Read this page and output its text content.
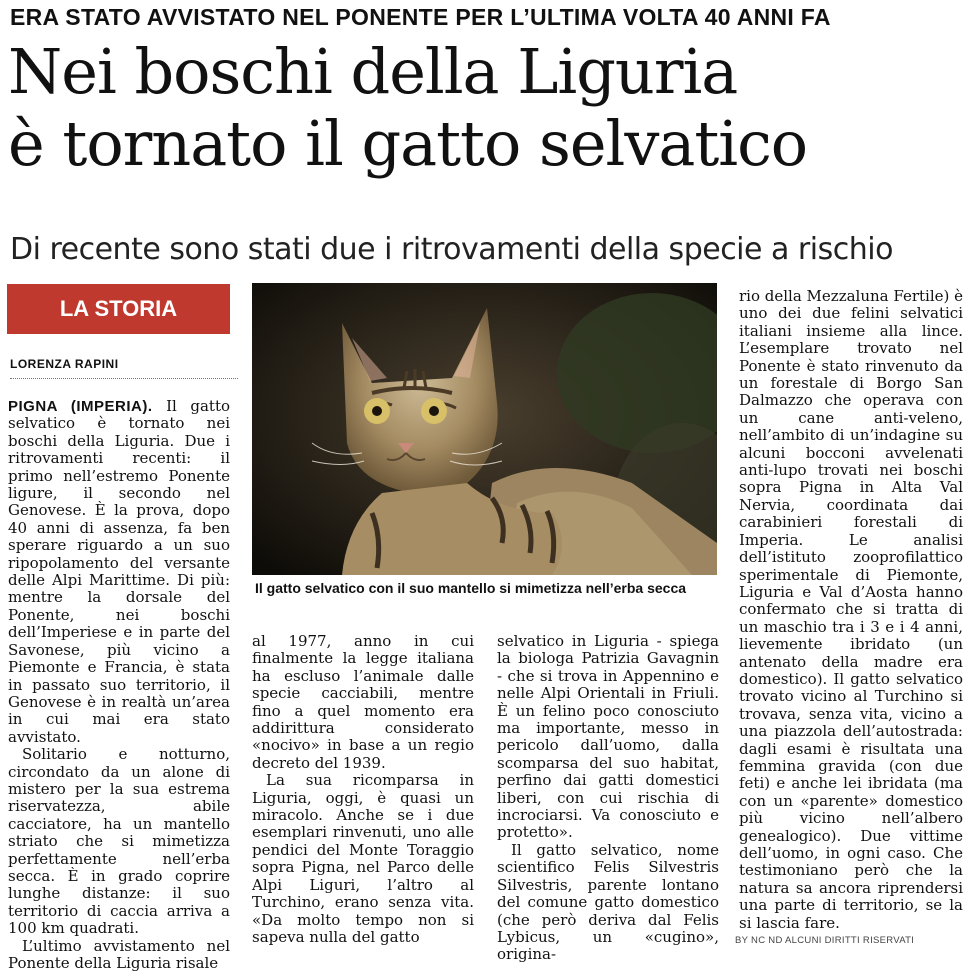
ERA STATO AVVISTATO NEL PONENTE PER L’ULTIMA VOLTA 40 ANNI FA
Nei boschi della Liguria
è tornato il gatto selvatico
Di recente sono stati due i ritrovamenti della specie a rischio
LA STORIA
LORENZA RAPINI

PIGNA (IMPERIA). Il gatto selvatico è tornato nei boschi della Liguria. Due i ritrovamenti recenti: il primo nell’estremo Ponente ligure, il secondo nel Genovese. È la prova, dopo 40 anni di assenza, fa ben sperare riguardo a un suo ripopolamento del versante delle Alpi Marittime. Di più: mentre la dorsale del Ponente, nei boschi dell’Imperiese e in parte del Savonese, più vicino a Piemonte e Francia, è stata in passato suo territorio, il Genovese è in realtà un’area in cui mai era stato avvistato.

Solitario e notturno, circondato da un alone di mistero per la sua estrema riservatezza, abile cacciatore, ha un mantello striato che si mimetizza perfettamente nell’erba secca. È in grado coprire lunghe distanze: il suo territorio di caccia arriva a 100 km quadrati.

L’ultimo avvistamento nel Ponente della Liguria risale

Il gatto selvatico con il suo mantello si mimetizza nell’erba secca

al 1977, anno in cui finalmente la legge italiana ha escluso l’animale dalle specie cacciabili, mentre fino a quel momento era addirittura considerato «nocivo» in base a un regio decreto del 1939.

La sua ricomparsa in Liguria, oggi, è quasi un miracolo. Anche se i due esemplari rinvenuti, uno alle pendici del Monte Toraggio sopra Pigna, nel Parco delle Alpi Liguri, l’altro al Turchino, erano senza vita. «Da molto tempo non si sapeva nulla del gatto

selvatico in Liguria - spiega la biologa Patrizia Gavagnin - che si trova in Appennino e nelle Alpi Orientali in Friuli. È un felino poco conosciuto ma importante, messo in pericolo dall’uomo, dalla scomparsa del suo habitat, perfino dai gatti domestici liberi, con cui rischia di incrociarsi. Va conosciuto e protetto».

Il gatto selvatico, nome scientifico Felis Silvestris Silvestris, parente lontano del comune gatto domestico (che però deriva dal Felis Lybicus, un «cugino», origina-

rio della Mezzaluna Fertile) è uno dei due felini selvatici italiani insieme alla lince. L’esemplare trovato nel Ponente è stato rinvenuto da un forestale di Borgo San Dalmazzo che operava con un cane anti-veleno, nell’ambito di un’indagine su alcuni bocconi avvelenati anti-lupo trovati nei boschi sopra Pigna in Alta Val Nervia, coordinata dai carabinieri forestali di Imperia. Le analisi dell’istituto zooprofilattico sperimentale di Piemonte, Liguria e Val d’Aosta hanno confermato che si tratta di un maschio tra i 3 e i 4 anni, lievemente ibridato (un antenato della madre era domestico). Il gatto selvatico trovato vicino al Turchino si trovava, senza vita, vicino a una piazzola dell’autostrada: dagli esami è risultata una femmina gravida (con due feti) e anche lei ibridata (ma con un «parente» domestico più vicino nell’albero genealogico). Due vittime dell’uomo, in ogni caso. Che testimoniano però che la natura sa ancora riprendersi una parte di territorio, se la si lascia fare.

BY NC ND ALCUNI DIRITTI RISERVATI
